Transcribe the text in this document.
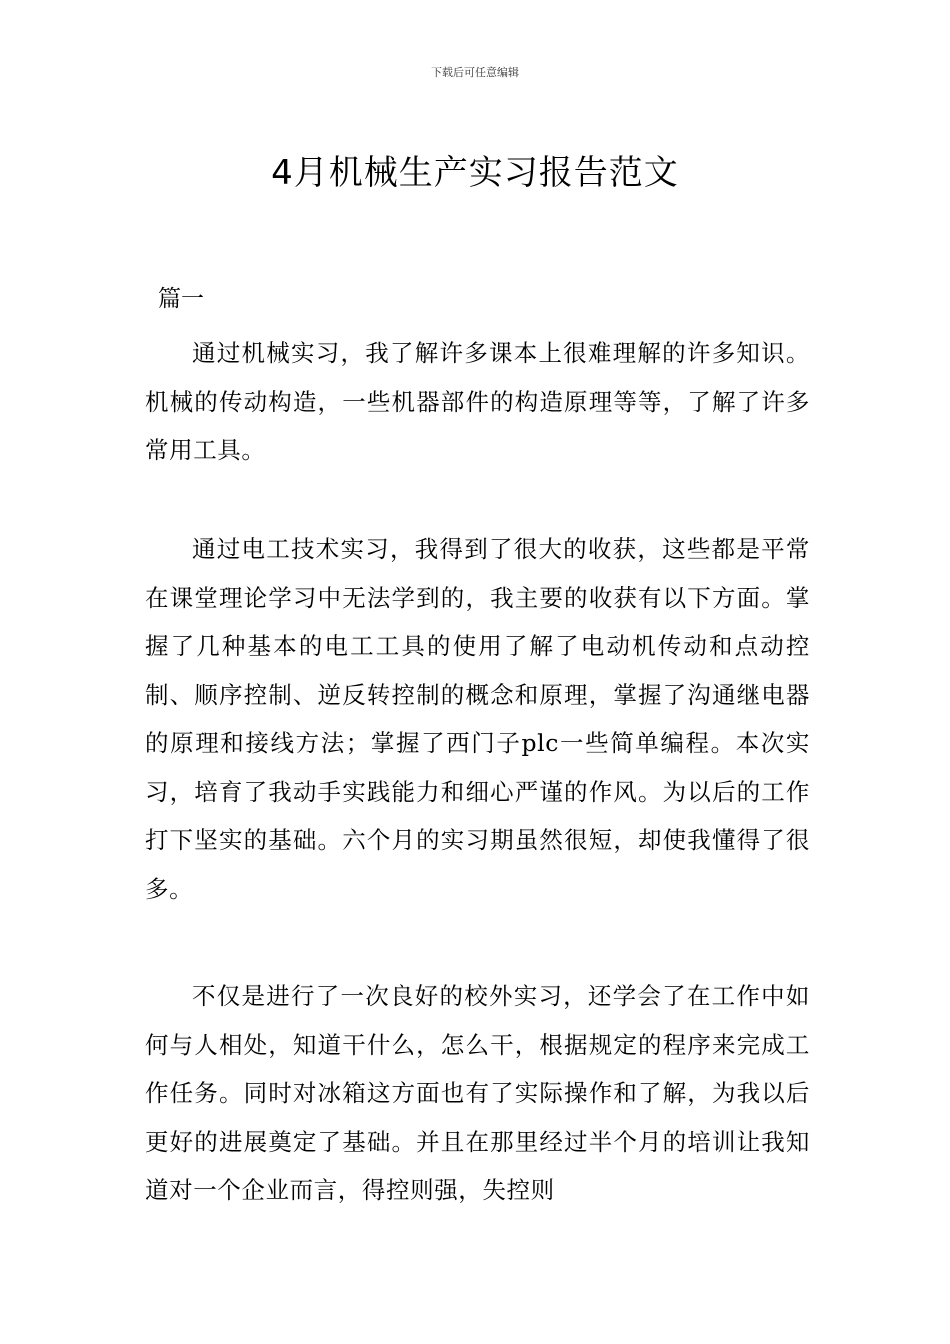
下载后可任意编辑
4月机械生产实习报告范文
篇一

通过机械实习，我了解许多课本上很难理解的许多知识。机械的传动构造，一些机器部件的构造原理等等，了解了许多常用工具。

通过电工技术实习，我得到了很大的收获，这些都是平常在课堂理论学习中无法学到的，我主要的收获有以下方面。掌握了几种基本的电工工具的使用了解了电动机传动和点动控制、顺序控制、逆反转控制的概念和原理，掌握了沟通继电器的原理和接线方法；掌握了西门子plc一些简单编程。本次实习，培育了我动手实践能力和细心严谨的作风。为以后的工作打下坚实的基础。六个月的实习期虽然很短，却使我懂得了很多。

不仅是进行了一次良好的校外实习，还学会了在工作中如何与人相处，知道干什么，怎么干，根据规定的程序来完成工作任务。同时对冰箱这方面也有了实际操作和了解，为我以后更好的进展奠定了基础。并且在那里经过半个月的培训让我知道对一个企业而言，得控则强，失控则
